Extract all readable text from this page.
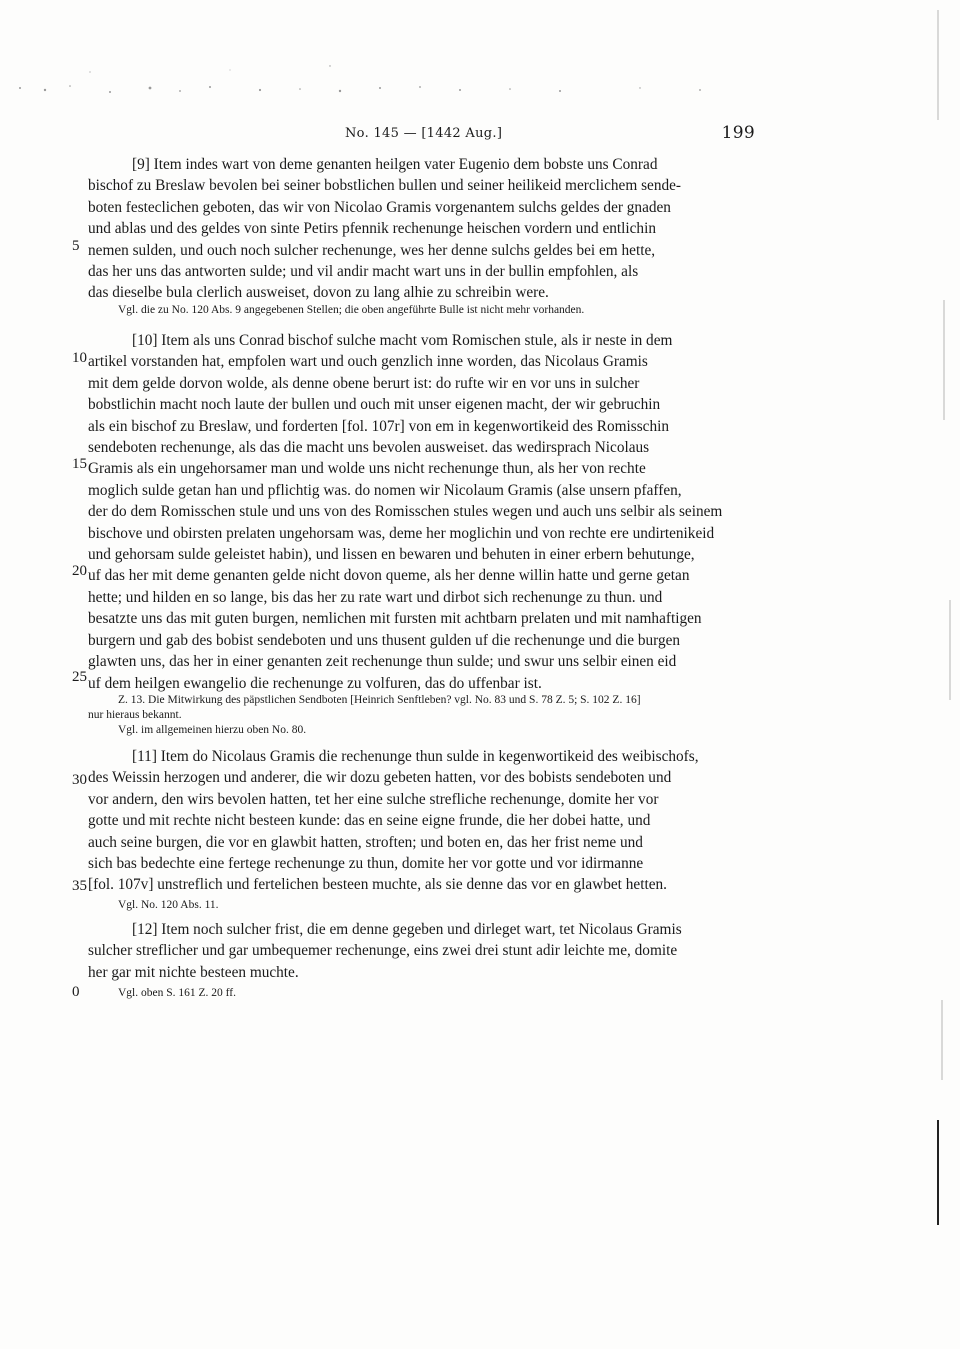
No. 145 — [1442 Aug.]	199

[9] Item indes wart von deme genanten heilgen vater Eugenio dem bobste uns Conrad
bischof zu Breslaw bevolen bei seiner bobstlichen bullen und seiner heilikeid merclichem sende-
boten festeclichen geboten, das wir von Nicolao Gramis vorgenantem sulchs geldes der gnaden
und ablas und des geldes von sinte Petirs pfennik rechenunge heischen vordern und entlichin
nemen sulden, und ouch noch sulcher rechenunge, wes her denne sulchs geldes bei em hette,
das her uns das antworten sulde; und vil andir macht wart uns in der bullin empfohlen, als
das dieselbe bula clerlich ausweiset, dovon zu lang alhie zu schreibin were.

Vgl. die zu No. 120 Abs. 9 angegebenen Stellen; die oben angeführte Bulle ist nicht mehr vorhanden.

[10] Item als uns Conrad bischof sulche macht vom Romischen stule, als ir neste in dem
artikel vorstanden hat, empfolen wart und ouch genzlich inne worden, das Nicolaus Gramis
mit dem gelde dorvon wolde, als denne obene berurt ist: do rufte wir en vor uns in sulcher
bobstlichin macht noch laute der bullen und ouch mit unser eigenen macht, der wir gebruchin
als ein bischof zu Breslaw, und forderten [fol. 107r] von em in kegenwortikeid des Romisschin
sendeboten rechenunge, als das die macht uns bevolen ausweiset. das wedirsprach Nicolaus
Gramis als ein ungehorsamer man und wolde uns nicht rechenunge thun, als her von rechte
moglich sulde getan han und pflichtig was. do nomen wir Nicolaum Gramis (alse unsern pfaffen,
der do dem Romisschen stule und uns von des Romisschen stules wegen und auch uns selbir als seinem
bischove und obirsten prelaten ungehorsam was, deme her moglichin und von rechte ere undirtenikeid
und gehorsam sulde geleistet habin), und lissen en bewaren und behuten in einer erbern behutunge,
uf das her mit deme genanten gelde nicht dovon queme, als her denne willin hatte und gerne getan
hette; und hilden en so lange, bis das her zu rate wart und dirbot sich rechenunge zu thun. und
besatzte uns das mit guten burgen, nemlichen mit fursten mit achtbarn prelaten und mit namhaftigen
burgern und gab des bobist sendeboten und uns thusent gulden uf die rechenunge und die burgen
glawten uns, das her in einer genanten zeit rechenunge thun sulde; und swur uns selbir einen eid
uf dem heilgen ewangelio die rechenunge zu volfuren, das do uffenbar ist.

Z. 13. Die Mitwirkung des päpstlichen Sendboten [Heinrich Senftleben? vgl. No. 83 und S. 78 Z. 5; S. 102 Z. 16]
nur hieraus bekannt.
Vgl. im allgemeinen hierzu oben No. 80.

[11] Item do Nicolaus Gramis die rechenunge thun sulde in kegenwortikeid des weibischofs,
des Weissin herzogen und anderer, die wir dozu gebeten hatten, vor des bobists sendeboten und
vor andern, den wirs bevolen hatten, tet her eine sulche strefliche rechenunge, domite her vor
gotte und mit rechte nicht besteen kunde: das en seine eigne frunde, die her dobei hatte, und
auch seine burgen, die vor en glawbit hatten, stroften; und boten en, das her frist neme und
sich bas bedechte eine fertege rechenunge zu thun, domite her vor gotte und vor idirmanne
[fol. 107v] unstreflich und fertelichen besteen muchte, als sie denne das vor en glawbet hetten.

Vgl. No. 120 Abs. 11.

[12] Item noch sulcher frist, die em denne gegeben und dirleget wart, tet Nicolaus Gramis
sulcher streflicher und gar umbequemer rechenunge, eins zwei drei stunt adir leichte me, domite
her gar mit nichte besteen muchte.

Vgl. oben S. 161 Z. 20 ff.
5
10
15
20
25
30
35
0
